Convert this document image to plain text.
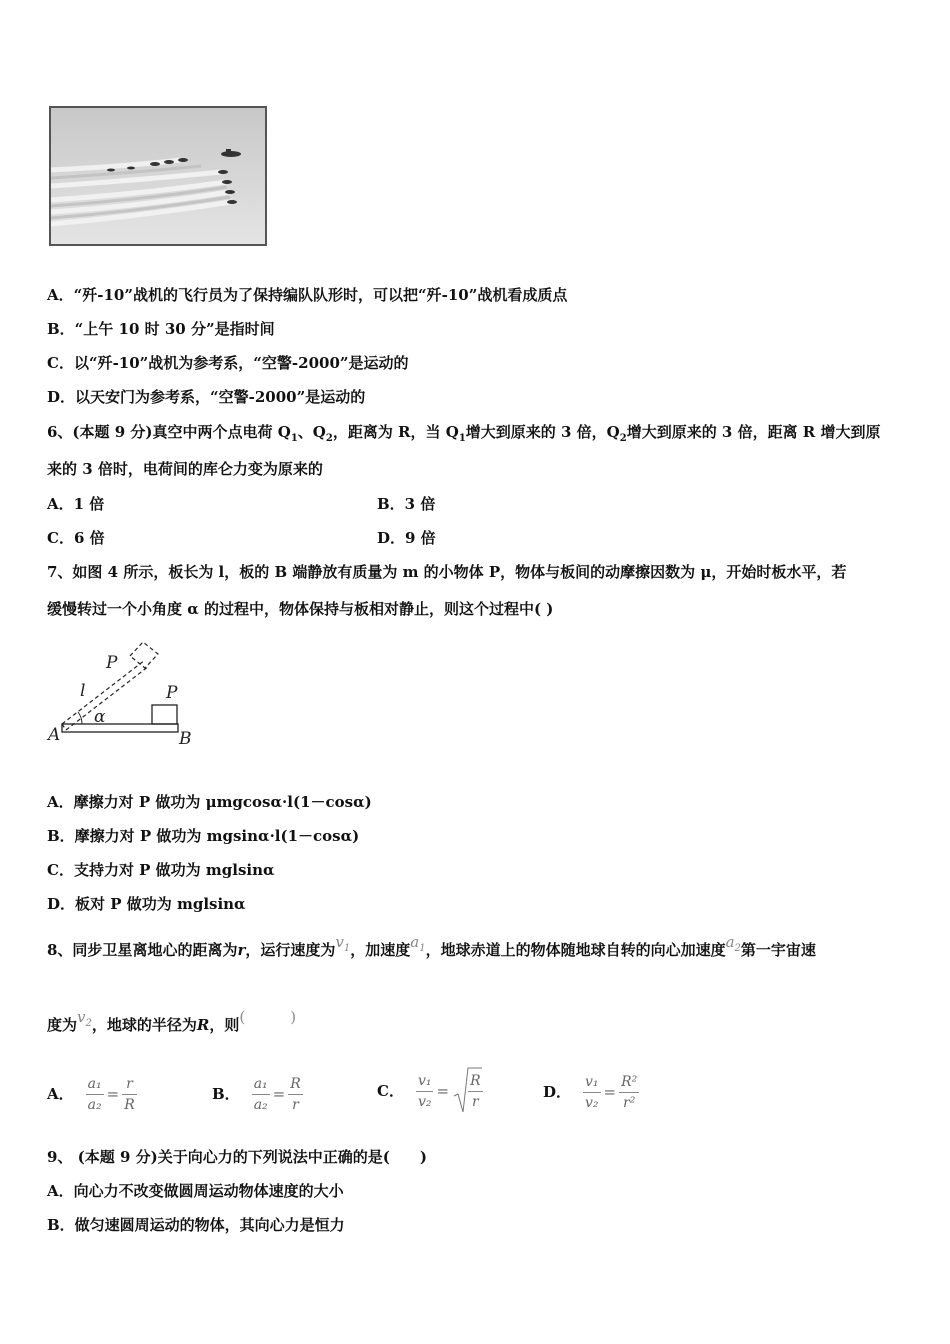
A．“歼-10”战机的飞行员为了保持编队队形时，可以把“歼-10”战机看成质点
B．“上午 10 时 30 分”是指时间
C．以“歼-10”战机为参考系，“空警-2000”是运动的
D．以天安门为参考系，“空警-2000”是运动的
6、(本题 9 分)真空中两个点电荷 $Q_1$、$Q_2$，距离为 R，当 $Q_1$增大到原来的 3 倍，$Q_2$增大到原来的 3 倍，距离 R 增大到原
来的 3 倍时，电荷间的库仑力变为原来的
A．1 倍	B．3 倍
C．6 倍	D．9 倍
7、如图 4 所示，板长为 l，板的 B 端静放有质量为 m 的小物体 P，物体与板间的动摩擦因数为 μ，开始时板水平，若
缓慢转过一个小角度 α 的过程中，物体保持与板相对静止，则这个过程中( )
P
l
α
P
A	B
A．摩擦力对 P 做功为 μmgcosα·l(1－cosα)
B．摩擦力对 P 做功为 mgsinα·l(1－cosα)
C．支持力对 P 做功为 mglsinα
D．板对 P 做功为 mglsinα
8、同步卫星离地心的距离为r，运行速度为$v_1$，加速度$a_1$，地球赤道上的物体随地球自转的向心加速度$a_2$第一宇宙速
度为$v_2$，地球的半径为R，则(　　　)
A． $\frac{\text{a₁}}{\text{a₂}} = \frac{r}{R}$	B． $\frac{\text{a₁}}{\text{a₂}} = \frac{R}{r}$	C． $\frac{\text{v₁}}{\text{v₂}} = \frac{R}{r}$	D． $\frac{\text{v₁}}{\text{v₂}} = \frac{\text{R²}}{\text{r²}}$
9、 (本题 9 分)关于向心力的下列说法中正确的是(　　)
A．向心力不改变做圆周运动物体速度的大小
B．做匀速圆周运动的物体，其向心力是恒力
